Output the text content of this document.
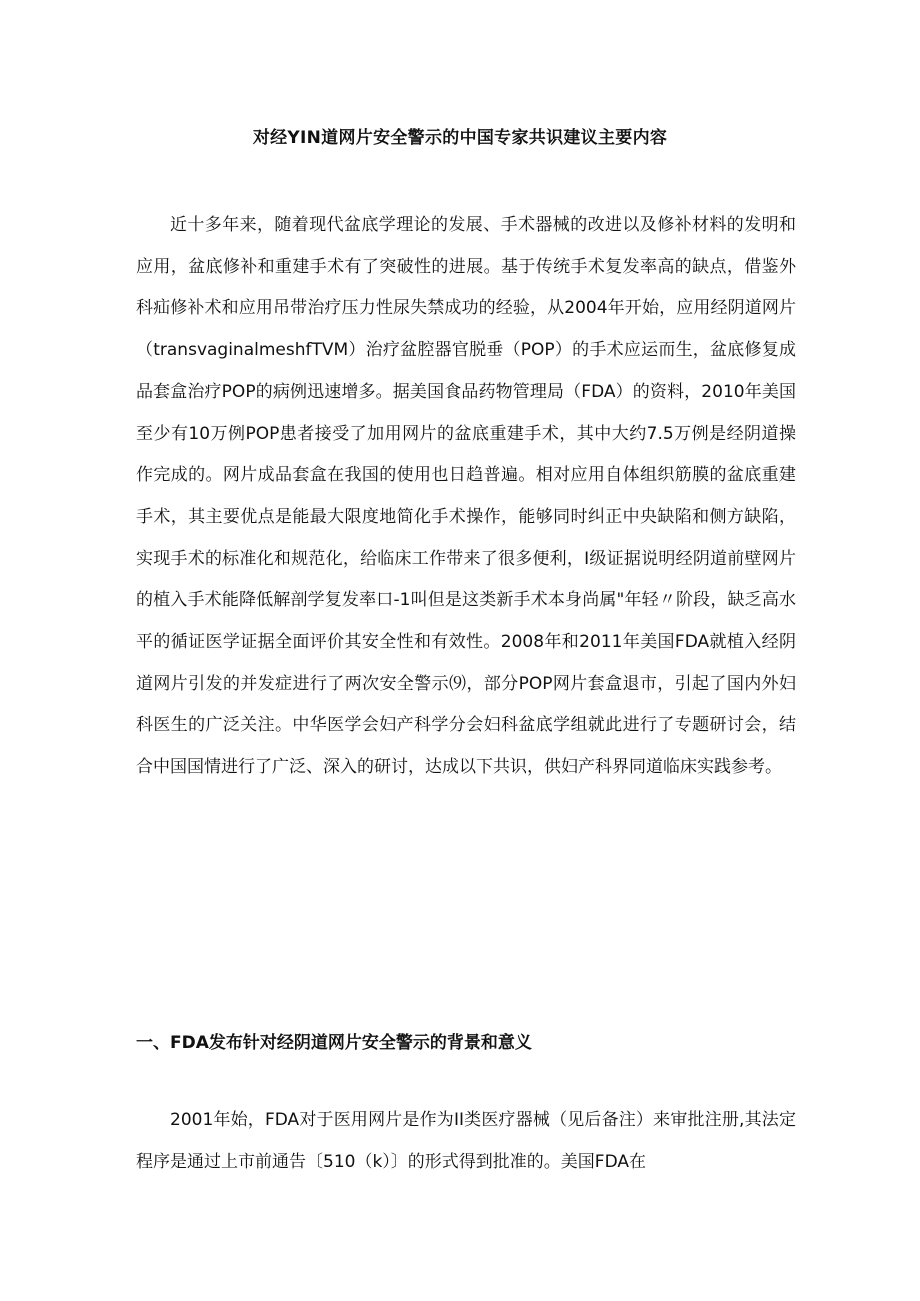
对经YIN道网片安全警示的中国专家共识建议主要内容

近十多年来，随着现代盆底学理论的发展、手术器械的改进以及修补材料的发明和应用，盆底修补和重建手术有了突破性的进展。基于传统手术复发率高的缺点，借鉴外科疝修补术和应用吊带治疗压力性尿失禁成功的经验，从2004年开始，应用经阴道网片（transvaginalmeshfTVM）治疗盆腔器官脱垂（POP）的手术应运而生，盆底修复成品套盒治疗POP的病例迅速增多。据美国食品药物管理局（FDA）的资料，2010年美国至少有10万例POP患者接受了加用网片的盆底重建手术，其中大约7.5万例是经阴道操作完成的。网片成品套盒在我国的使用也日趋普遍。相对应用自体组织筋膜的盆底重建手术，其主要优点是能最大限度地简化手术操作，能够同时纠正中央缺陷和侧方缺陷，实现手术的标准化和规范化，给临床工作带来了很多便利，I级证据说明经阴道前壁网片的植入手术能降低解剖学复发率口-1叫但是这类新手术本身尚属"年轻〃阶段，缺乏高水平的循证医学证据全面评价其安全性和有效性。2008年和2011年美国FDA就植入经阴道网片引发的并发症进行了两次安全警示⑼，部分POP网片套盒退市，引起了国内外妇科医生的广泛关注。中华医学会妇产科学分会妇科盆底学组就此进行了专题研讨会，结合中国国情进行了广泛、深入的研讨，达成以下共识，供妇产科界同道临床实践参考。

一、FDA发布针对经阴道网片安全警示的背景和意义

2001年始，FDA对于医用网片是作为II类医疗器械（见后备注）来审批注册,其法定程序是通过上市前通告〔510（k）〕的形式得到批准的。美国FDA在
